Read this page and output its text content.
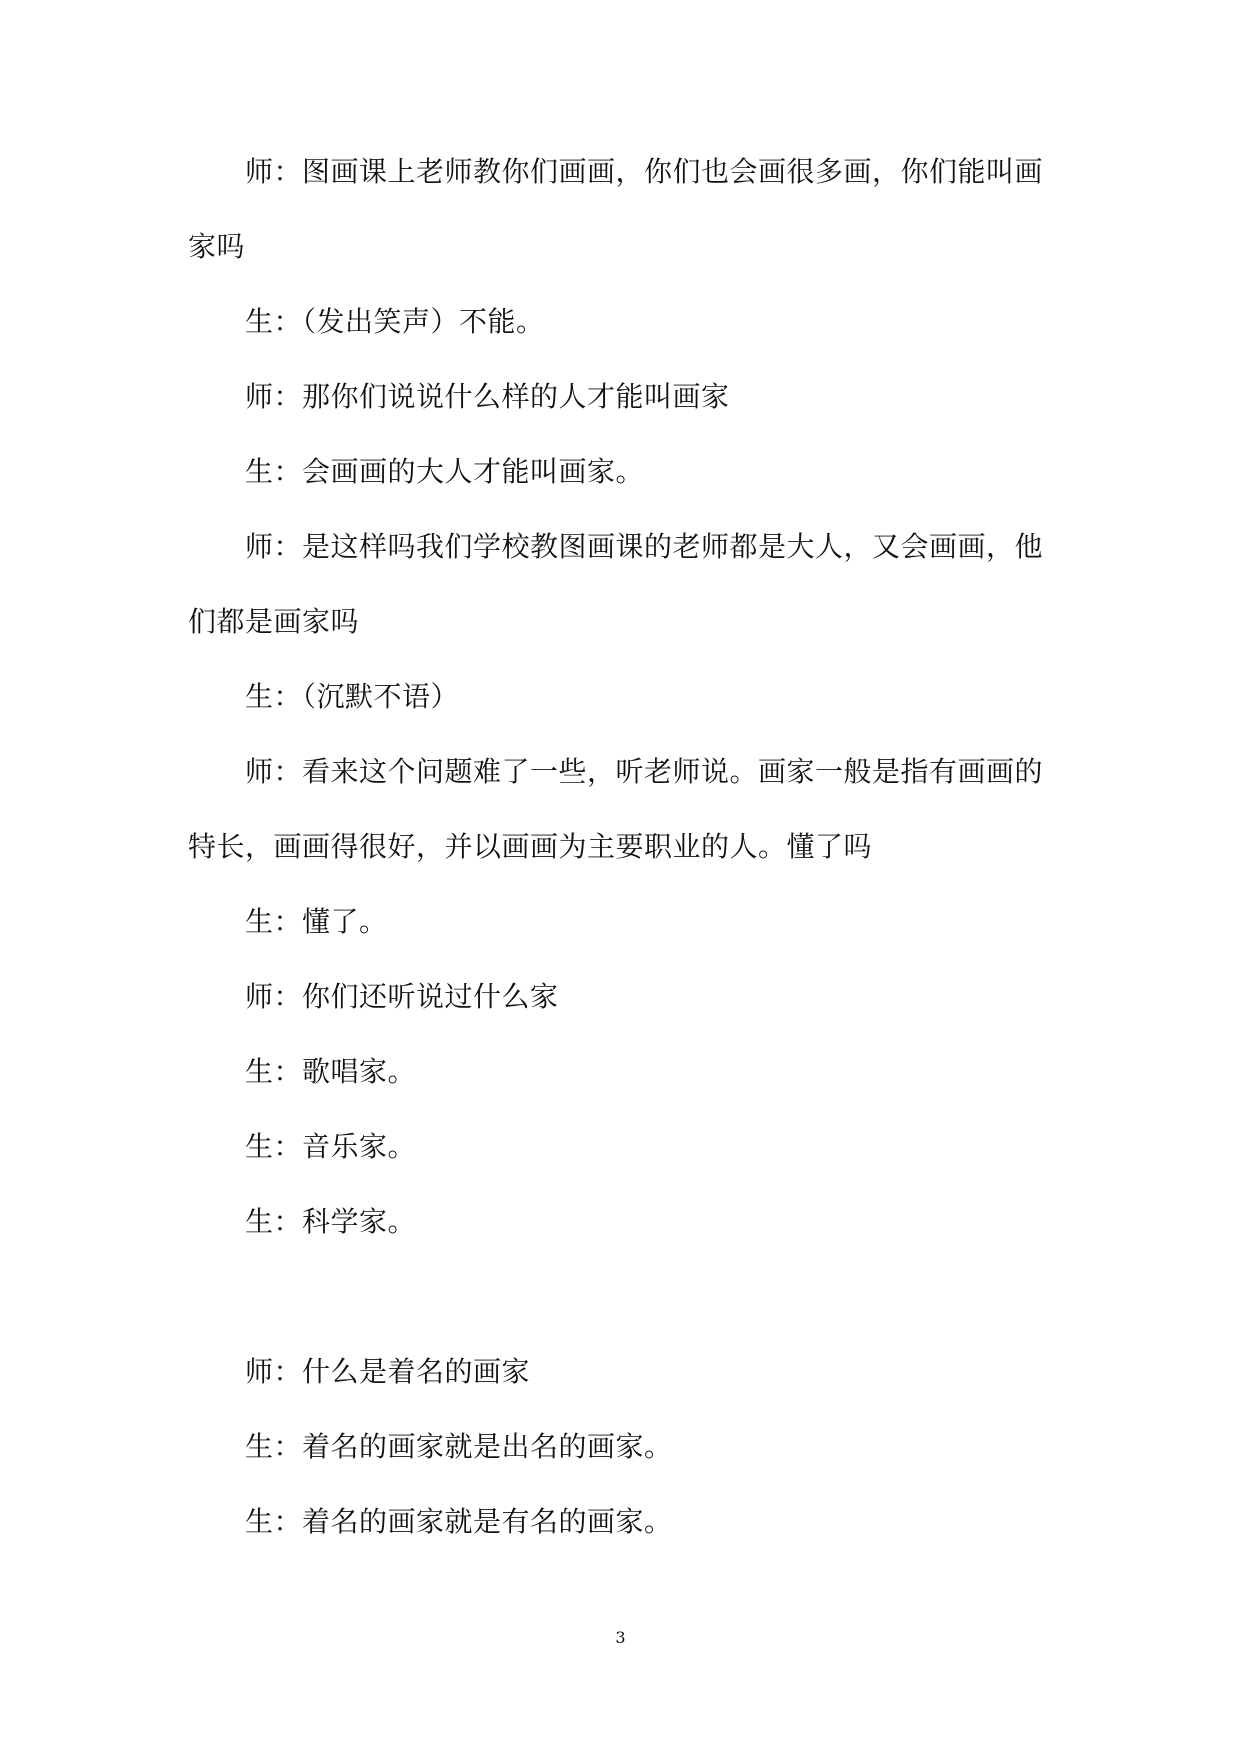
师：图画课上老师教你们画画，你们也会画很多画，你们能叫画
家吗
生：（发出笑声）不能。
师：那你们说说什么样的人才能叫画家
生：会画画的大人才能叫画家。
师：是这样吗我们学校教图画课的老师都是大人，又会画画，他
们都是画家吗
生：（沉默不语）
师：看来这个问题难了一些，听老师说。画家一般是指有画画的
特长，画画得很好，并以画画为主要职业的人。懂了吗
生：懂了。
师：你们还听说过什么家
生：歌唱家。
生：音乐家。
生：科学家。
师：什么是着名的画家
生：着名的画家就是出名的画家。
生：着名的画家就是有名的画家。
3
